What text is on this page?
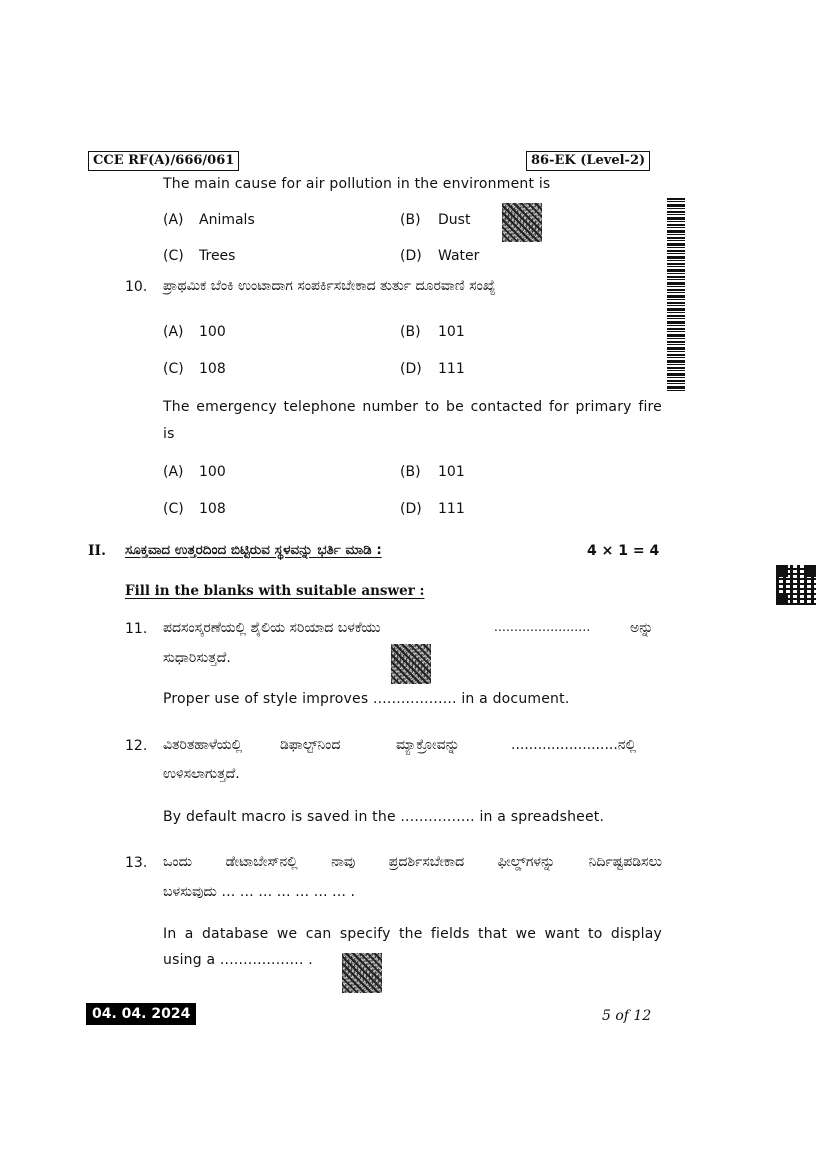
CCE RF(A)/666/061	86-EK (Level-2)
The main cause for air pollution in the environment is
(A) Animals	(B) Dust
(C) Trees	(D) Water
10. ಪ್ರಾಥಮಿಕ ಬೆಂಕಿ ಉಂಟಾದಾಗ ಸಂಪರ್ಕಿಸಬೇಕಾದ ತುರ್ತು ದೂರವಾಣಿ ಸಂಖ್ಯೆ
(A) 100	(B) 101
(C) 108	(D) 111
The emergency telephone number to be contacted for primary fire
is
(A) 100	(B) 101
(C) 108	(D) 111
II. ಸೂಕ್ತವಾದ ಉತ್ತರದಿಂದ ಬಿಟ್ಟಿರುವ ಸ್ಥಳವನ್ನು ಭರ್ತಿ ಮಾಡಿ :	4 × 1 = 4
Fill in the blanks with suitable answer :
11. ಪದಸಂಸ್ಕರಣೆಯಲ್ಲಿ ಶೈಲಿಯ ಸರಿಯಾದ ಬಳಕೆಯು	........................	ಅನ್ನು
ಸುಧಾರಿಸುತ್ತದೆ.
Proper use of style improves .................. in a document.
12. ವಿತರಿತಹಾಳೆಯಲ್ಲಿ	ಡಿಫಾಲ್ಟ್‌ನಿಂದ	ಮ್ಯಾಕ್ರೋವನ್ನು	........................ನಲ್ಲಿ
ಉಳಿಸಲಾಗುತ್ತದೆ.
By default macro is saved in the ................ in a spreadsheet.
13. ಒಂದು ಡೇಟಾಬೇಸ್‌ನಲ್ಲಿ ನಾವು ಪ್ರದರ್ಶಿಸಬೇಕಾದ ಫೀಲ್ಡ್‌ಗಳನ್ನು ನಿರ್ದಿಷ್ಟಪಡಿಸಲು
ಬಳಸುವುದು … … … … … … … .
In a database we can specify the fields that we want to display
using a .................. .
04. 04. 2024	5 of 12
